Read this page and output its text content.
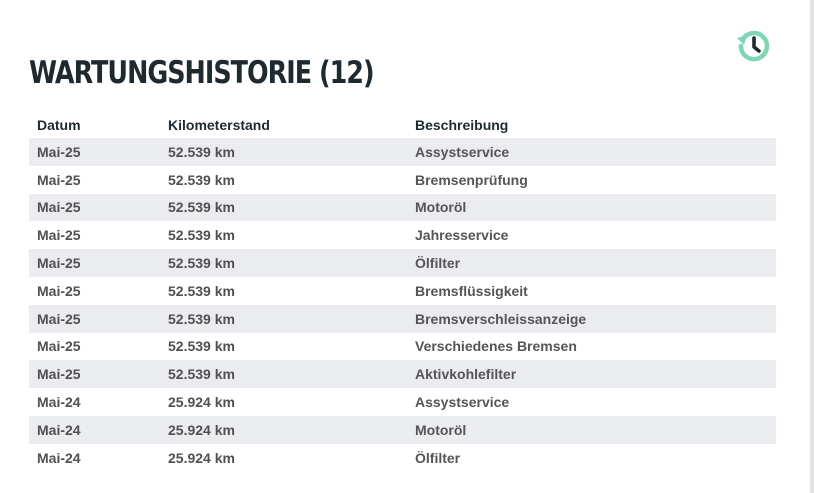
WARTUNGSHISTORIE (12)
Datum	Kilometerstand	Beschreibung
Mai-25	52.539 km	Assystservice
Mai-25	52.539 km	Bremsenprüfung
Mai-25	52.539 km	Motoröl
Mai-25	52.539 km	Jahresservice
Mai-25	52.539 km	Ölfilter
Mai-25	52.539 km	Bremsflüssigkeit
Mai-25	52.539 km	Bremsverschleissanzeige
Mai-25	52.539 km	Verschiedenes Bremsen
Mai-25	52.539 km	Aktivkohlefilter
Mai-24	25.924 km	Assystservice
Mai-24	25.924 km	Motoröl
Mai-24	25.924 km	Ölfilter
